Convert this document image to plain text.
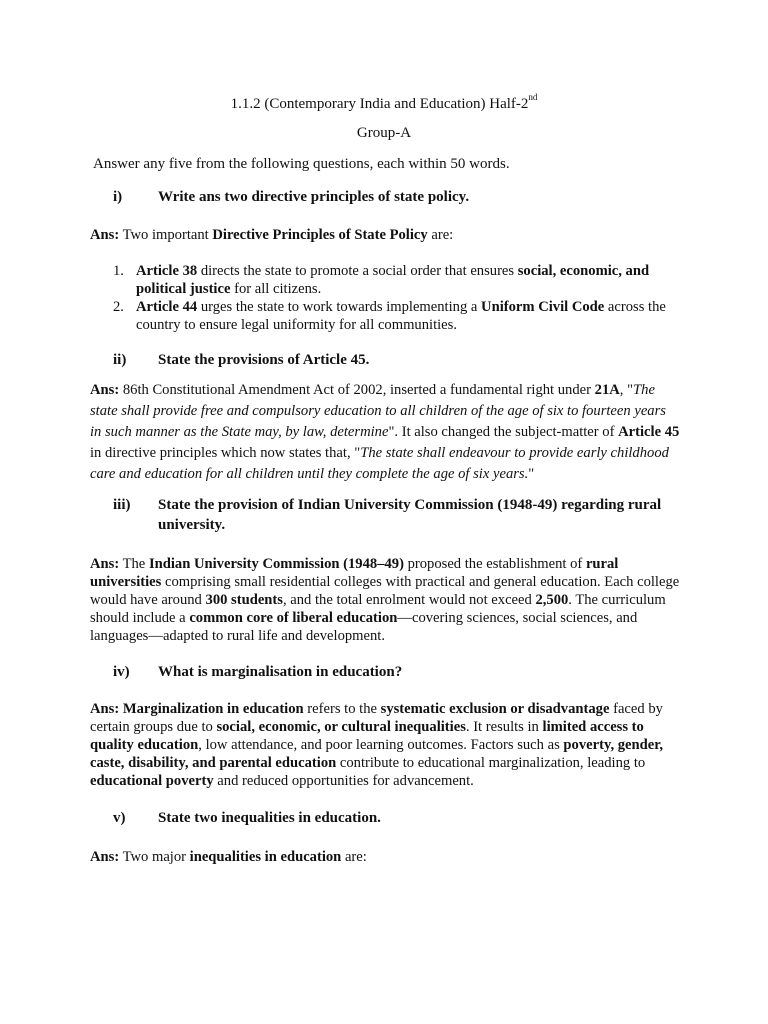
1.1.2 (Contemporary India and Education) Half-2nd
Group-A
Answer any five from the following questions, each within 50 words.
i) Write ans two directive principles of state policy.
Ans: Two important Directive Principles of State Policy are:
1. Article 38 directs the state to promote a social order that ensures social, economic, and political justice for all citizens.
2. Article 44 urges the state to work towards implementing a Uniform Civil Code across the country to ensure legal uniformity for all communities.
ii) State the provisions of Article 45.
Ans: 86th Constitutional Amendment Act of 2002, inserted a fundamental right under 21A, "The state shall provide free and compulsory education to all children of the age of six to fourteen years in such manner as the State may, by law, determine". It also changed the subject-matter of Article 45 in directive principles which now states that, "The state shall endeavour to provide early childhood care and education for all children until they complete the age of six years."
iii) State the provision of Indian University Commission (1948-49) regarding rural university.
Ans: The Indian University Commission (1948–49) proposed the establishment of rural universities comprising small residential colleges with practical and general education. Each college would have around 300 students, and the total enrolment would not exceed 2,500. The curriculum should include a common core of liberal education—covering sciences, social sciences, and languages—adapted to rural life and development.
iv) What is marginalisation in education?
Ans: Marginalization in education refers to the systematic exclusion or disadvantage faced by certain groups due to social, economic, or cultural inequalities. It results in limited access to quality education, low attendance, and poor learning outcomes. Factors such as poverty, gender, caste, disability, and parental education contribute to educational marginalization, leading to educational poverty and reduced opportunities for advancement.
v) State two inequalities in education.
Ans: Two major inequalities in education are:
